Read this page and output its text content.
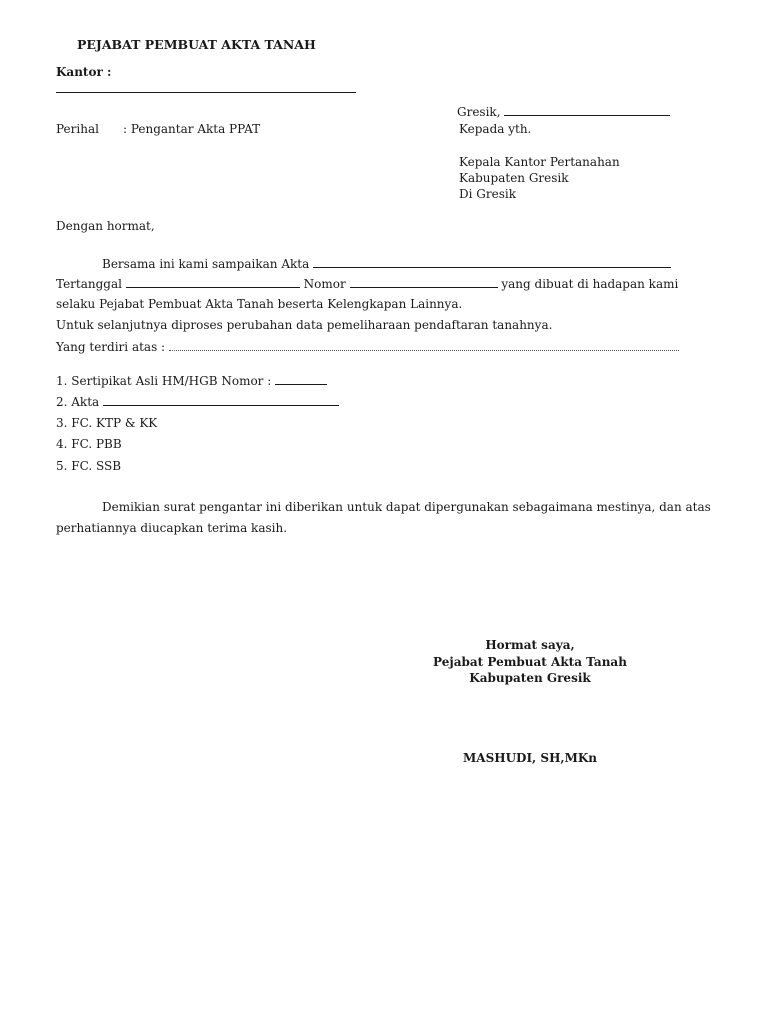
PEJABAT PEMBUAT AKTA TANAH
Kantor :
Gresik,
Perihal : Pengantar Akta PPAT	Kepada yth.
Kepala Kantor Pertanahan
Kabupaten Gresik
Di Gresik
Dengan hormat,
Bersama ini kami sampaikan Akta
Tertanggal	Nomor	yang dibuat di hadapan kami
selaku Pejabat Pembuat Akta Tanah beserta Kelengkapan Lainnya.
Untuk selanjutnya diproses perubahan data pemeliharaan pendaftaran tanahnya.
Yang terdiri atas :
1. Sertipikat Asli HM/HGB Nomor :
2. Akta
3. FC. KTP & KK
4. FC. PBB
5. FC. SSB
Demikian surat pengantar ini diberikan untuk dapat dipergunakan sebagaimana mestinya, dan atas
perhatiannya diucapkan terima kasih.
Hormat saya,
Pejabat Pembuat Akta Tanah
Kabupaten Gresik
MASHUDI, SH,MKn
